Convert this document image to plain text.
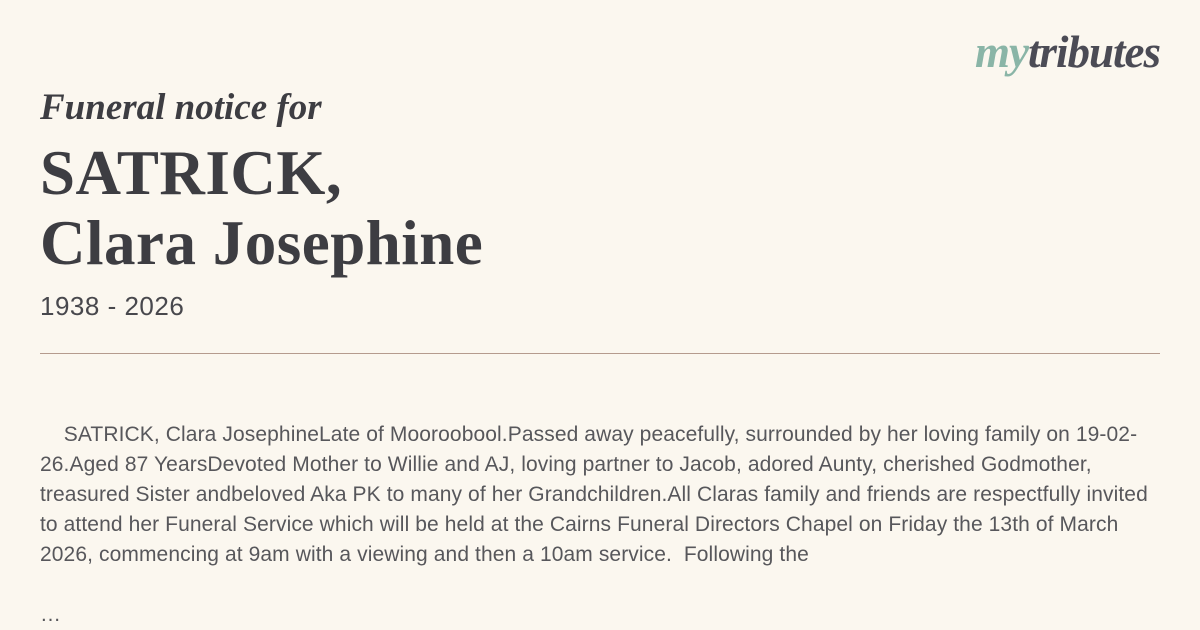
mytributes
Funeral notice for
SATRICK,
Clara Josephine
1938 - 2026

SATRICK, Clara JosephineLate of Mooroobool.Passed away peacefully, surrounded by her loving family on 19-02-26.Aged 87 YearsDevoted Mother to Willie and AJ, loving partner to Jacob, adored Aunty, cherished Godmother, treasured Sister andbeloved Aka PK to many of her Grandchildren.All Claras family and friends are respectfully invited to attend her Funeral Service which will be held at the Cairns Funeral Directors Chapel on Friday the 13th of March 2026, commencing at 9am with a viewing and then a 10am service.  Following the

…
